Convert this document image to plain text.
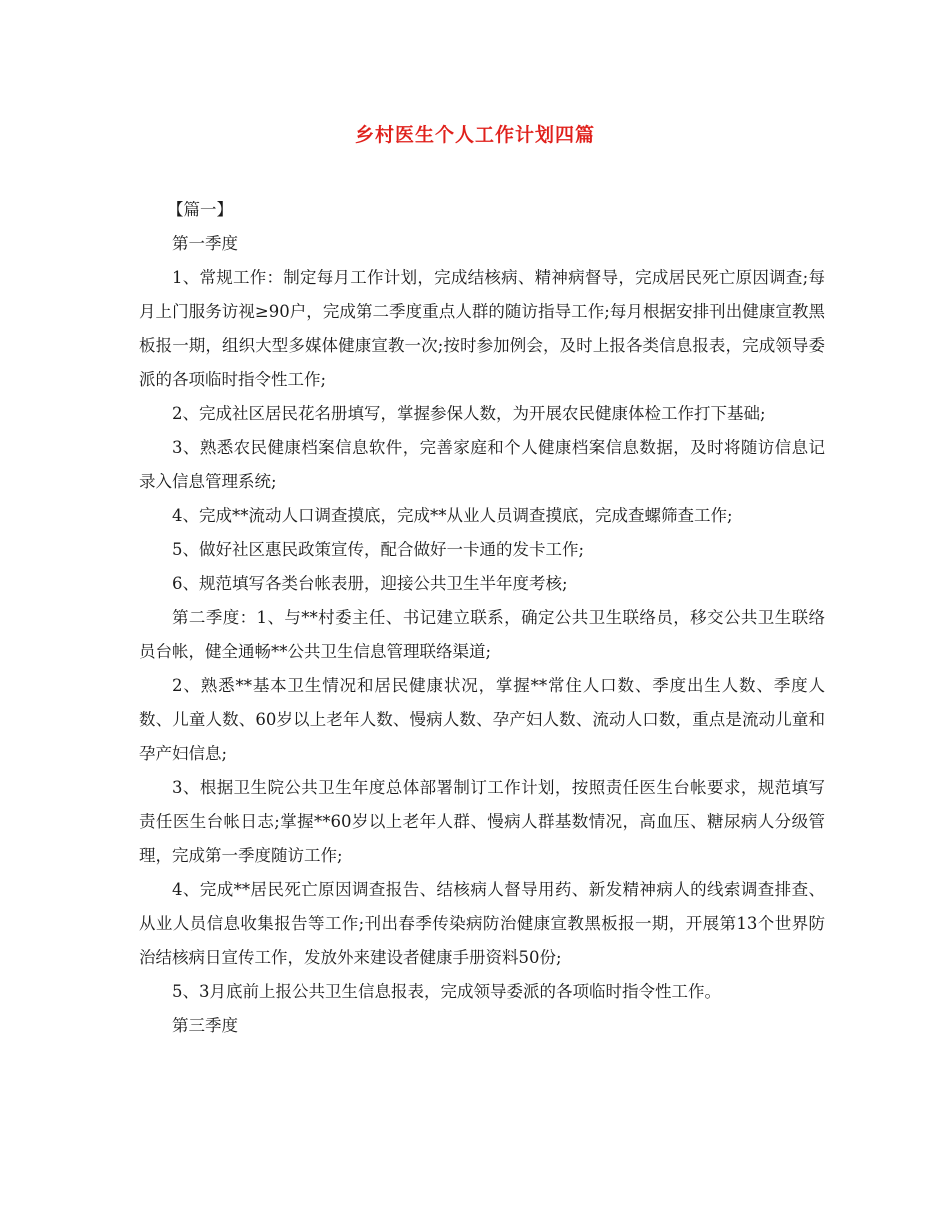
乡村医生个人工作计划四篇

【篇一】

第一季度

1、常规工作：制定每月工作计划，完成结核病、精神病督导，完成居民死亡原因调查;每月上门服务访视≥90户，完成第二季度重点人群的随访指导工作;每月根据安排刊出健康宣教黑板报一期，组织大型多媒体健康宣教一次;按时参加例会，及时上报各类信息报表，完成领导委派的各项临时指令性工作;

2、完成社区居民花名册填写，掌握参保人数，为开展农民健康体检工作打下基础;

3、熟悉农民健康档案信息软件，完善家庭和个人健康档案信息数据，及时将随访信息记录入信息管理系统;

4、完成**流动人口调查摸底，完成**从业人员调查摸底，完成查螺筛查工作;

5、做好社区惠民政策宣传，配合做好一卡通的发卡工作;

6、规范填写各类台帐表册，迎接公共卫生半年度考核;

第二季度：1、与**村委主任、书记建立联系，确定公共卫生联络员，移交公共卫生联络员台帐，健全通畅**公共卫生信息管理联络渠道;

2、熟悉**基本卫生情况和居民健康状况，掌握**常住人口数、季度出生人数、季度人数、儿童人数、60岁以上老年人数、慢病人数、孕产妇人数、流动人口数，重点是流动儿童和孕产妇信息;

3、根据卫生院公共卫生年度总体部署制订工作计划，按照责任医生台帐要求，规范填写责任医生台帐日志;掌握**60岁以上老年人群、慢病人群基数情况，高血压、糖尿病人分级管理，完成第一季度随访工作;

4、完成**居民死亡原因调查报告、结核病人督导用药、新发精神病人的线索调查排查、从业人员信息收集报告等工作;刊出春季传染病防治健康宣教黑板报一期，开展第13个世界防治结核病日宣传工作，发放外来建设者健康手册资料50份;

5、3月底前上报公共卫生信息报表，完成领导委派的各项临时指令性工作。

第三季度
